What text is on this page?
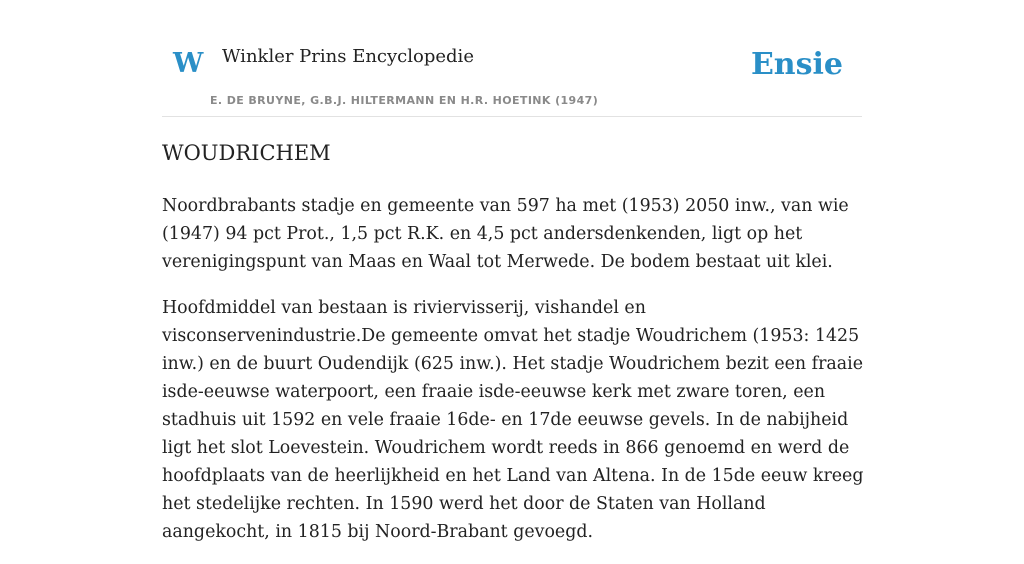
W Winkler Prins Encyclopedie
E. DE BRUYNE, G.B.J. HILTERMANN EN H.R. HOETINK (1947)
Ensie
WOUDRICHEM

Noordbrabants stadje en gemeente van 597 ha met (1953) 2050 inw., van wie (1947) 94 pct Prot., 1,5 pct R.K. en 4,5 pct andersdenkenden, ligt op het verenigingspunt van Maas en Waal tot Merwede. De bodem bestaat uit klei.

Hoofdmiddel van bestaan is riviervisserij, vishandel en visconservenindustrie.De gemeente omvat het stadje Woudrichem (1953: 1425 inw.) en de buurt Oudendijk (625 inw.). Het stadje Woudrichem bezit een fraaie isde-eeuwse waterpoort, een fraaie isde-eeuwse kerk met zware toren, een stadhuis uit 1592 en vele fraaie 16de- en 17de eeuwse gevels. In de nabijheid ligt het slot Loevestein. Woudrichem wordt reeds in 866 genoemd en werd de hoofdplaats van de heerlijkheid en het Land van Altena. In de 15de eeuw kreeg het stedelijke rechten. In 1590 werd het door de Staten van Holland aangekocht, in 1815 bij Noord-Brabant gevoegd.
